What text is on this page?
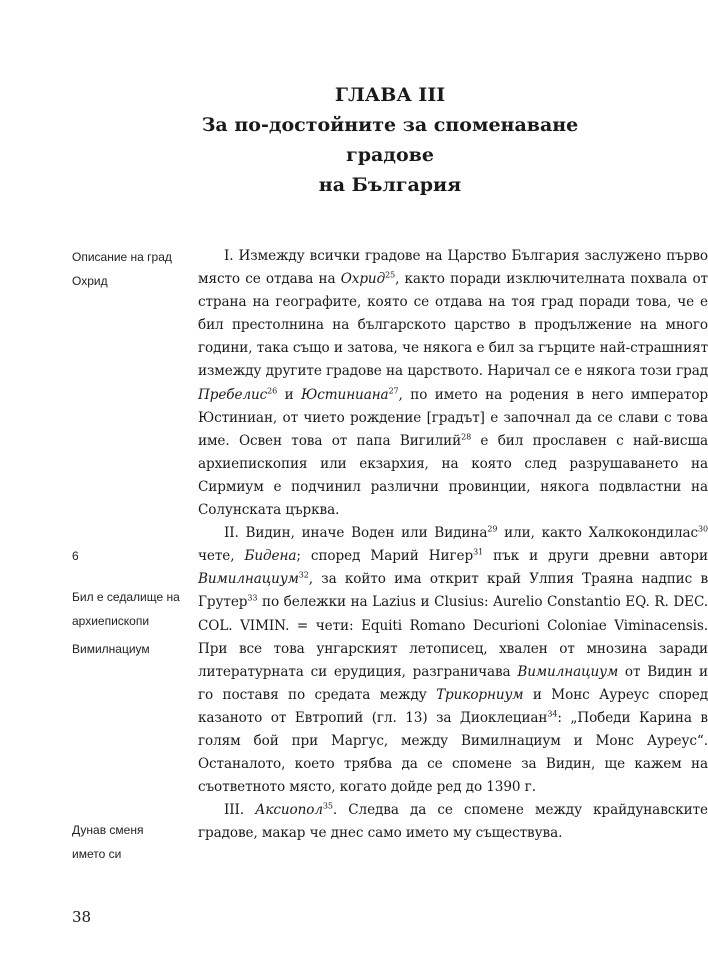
ГЛАВА III
За по-достойните за споменаване
градове
на България
Описание на град
Охрид
6
Бил е седалище на
архиепископи
Вимилнациум
Дунав сменя
името си

I. Измежду всички градове на Царство България заслужено първо място се отдава на Охрид$^{25}$, както поради изключителната похвала от страна на географите, която се отдава на тоя град поради това, че е бил престолнина на българското царство в продължение на много години, така също и затова, че някога е бил за гърците най-страшният измежду другите градове на царството. Наричал се е някога този град Пребелис$^{26}$ и Юстиниана$^{27}$, по името на родения в него император Юстиниан, от чието рождение [градът] е започнал да се слави с това име. Освен това от папа Вигилий$^{28}$ е бил прославен с най-висша архиепископия или екзархия, на която след разрушаването на Сирмиум е подчинил различни провинции, някога подвластни на Солунската църква.

II. Видин, иначе Воден или Видина$^{29}$ или, както Халкокондилас$^{30}$ чете, Бидена; според Марий Нигер$^{31}$ пък и други древни автори Вимилнациум$^{32}$, за който има открит край Улпия Траяна надпис в Грутер$^{33}$ по бележки на Lazius и Clusius: Aurelio Constantio EQ. R. DEC. COL. VIMIN. = чети: Equiti Romano Decurioni Coloniae Viminacensis. При все това унгарският летописец, хвален от мнозина заради литературната си ерудиция, разграничава Вимилнациум от Видин и го поставя по средата между Трикорниум и Монс Ауреус според казаното от Евтропий (гл. 13) за Диоклециан$^{34}$: „Победи Карина в голям бой при Маргус, между Вимилнациум и Монс Ауреус“. Останалото, което трябва да се спомене за Видин, ще кажем на съответното място, когато дойде ред до 1390 г.

III. Аксиопол$^{35}$. Следва да се спомене между крайдунавските градове, макар че днес само името му съществува.

38
